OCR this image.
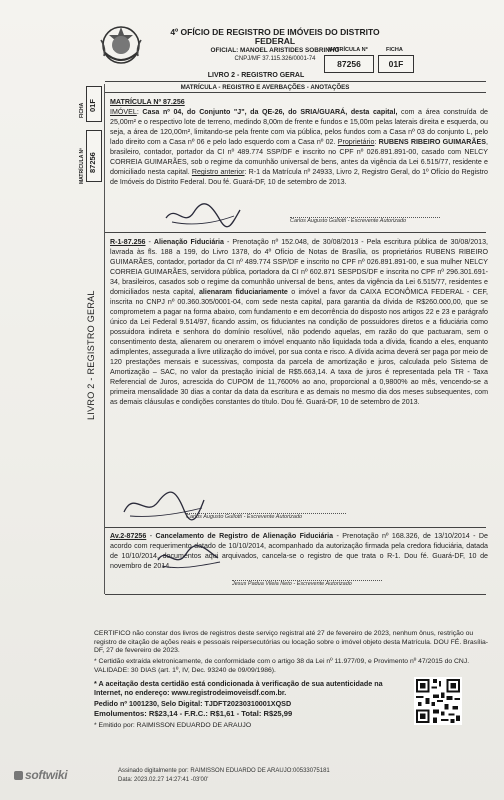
4º OFÍCIO DE REGISTRO DE IMÓVEIS DO DISTRITO FEDERAL
OFICIAL: MANOEL ARISTIDES SOBRINHO
CNPJ/MF 37.115.326/0001-74
MATRÍCULA Nº
87256
FICHA
01F
LIVRO 2 - REGISTRO GERAL
MATRÍCULA - REGISTRO E AVERBAÇÕES - ANOTAÇÕES
FICHA 01F
MATRÍCULA Nº 87256
LIVRO 2 - REGISTRO GERAL

MATRÍCULA Nº 87.256

IMÓVEL: Casa nº 04, do Conjunto "J", da QE-26, do SRIA/GUARÁ, desta capital, com a área construída de 25,00m² e o respectivo lote de terreno, medindo 8,00m de frente e fundos e 15,00m pelas laterais direita e esquerda, ou seja, a área de 120,00m², limitando-se pela frente com via pública, pelos fundos com a Casa nº 03 do conjunto L, pelo lado direito com a Casa nº 06 e pelo lado esquerdo com a Casa nº 02. Proprietário: RUBENS RIBEIRO GUIMARÃES, brasileiro, contador, portador da CI nº 489.774 SSP/DF e inscrito no CPF nº 026.891.891-00, casado com NELCY CORREIA GUIMARÃES, sob o regime da comunhão universal de bens, antes da vigência da Lei 6.515/77, residente e domiciliado nesta capital. Registro anterior: R-1 da Matrícula nº 24933, Livro 2, Registro Geral, do 1º Ofício do Registro de Imóveis do Distrito Federal. Dou fé. Guará-DF, 10 de setembro de 2013.

Carlos Augusto Gullotti - Escrevente Autorizado

R-1-87.256 - Alienação Fiduciária - Prenotação nº 152.048, de 30/08/2013 - Pela escritura pública de 30/08/2013, lavrada às fls. 188 a 199, do Livro 1378, do 4º Ofício de Notas de Brasília, os proprietários RUBENS RIBEIRO GUIMARÃES, contador, portador da CI nº 489.774 SSP/DF e inscrito no CPF nº 026.891.891-00, e sua mulher NELCY CORREIA GUIMARÃES, servidora pública, portadora da CI nº 602.871 SESPDS/DF e inscrita no CPF nº 296.301.691-34, brasileiros, casados sob o regime da comunhão universal de bens, antes da vigência da Lei 6.515/77, residentes e domiciliados nesta capital, alienaram fiduciariamente o imóvel a favor da CAIXA ECONÔMICA FEDERAL - CEF, inscrita no CNPJ nº 00.360.305/0001-04, com sede nesta capital, para garantia da dívida de R$260.000,00, que se comprometem a pagar na forma abaixo, com fundamento e em decorrência do disposto nos artigos 22 e 23 e parágrafo único da Lei Federal 9.514/97, ficando assim, os fiduciantes na condição de possuidores diretos e a fiduciária como possuidora indireta e senhora do domínio resolúvel, não podendo aquelas, em razão do que pactuaram, sem o consentimento desta, alienarem ou onerarem o imóvel enquanto não liquidada toda a dívida, ficando a eles, enquanto adimplentes, assegurada a livre utilização do imóvel, por sua conta e risco. A dívida acima deverá ser paga por meio de 120 prestações mensais e sucessivas, composta da parcela de amortização e juros, calculada pelo Sistema de Amortização – SAC, no valor da prestação inicial de R$5.663,14. A taxa de juros é representada pela TR - Taxa Referencial de Juros, acrescida do CUPOM de 11,7600% ao ano, proporcional a 0,9800% ao mês, vencendo-se a primeira mensalidade 30 dias a contar da data da escritura e as demais no mesmo dia dos meses subsequentes, com as demais cláusulas e condições constantes do título. Dou fé. Guará-DF, 10 de setembro de 2013.

Carlos Augusto Gullotti - Escrevente Autorizado

Av.2-87256 - Cancelamento de Registro de Alienação Fiduciária - Prenotação nº 168.326, de 13/10/2014 - De acordo com requerimento datado de 10/10/2014, acompanhado da autorização firmada pela credora fiduciária, datada de 10/10/2014, documentos aqui arquivados, cancela-se o registro de que trata o R-1. Dou fé. Guará-DF, 10 de novembro de 2014.

Jesus Padua Vilela Neto - Escrevente Autorizado
CERTIFICO não constar dos livros de registros deste serviço registral até 27 de fevereiro de 2023, nenhum ônus, restrição ou registro de citação de ações reais e pessoais reipersecutórias ou locação sobre o imóvel objeto desta Matrícula. DOU FÉ. Brasília-DF, 27 de fevereiro de 2023.
* Certidão extraída eletronicamente, de conformidade com o artigo 38 da Lei nº 11.977/09, e Provimento nº 47/2015 do CNJ. VALIDADE: 30 DIAS (art. 1º, IV, Dec. 93240 de 09/09/1986).
* A aceitação desta certidão está condicionada à verificação de sua autenticidade na Internet, no endereço: www.registrodeimoveisdf.com.br.
Pedido nº 1001230, Selo Digital: TJDFT20230310001XQSD
Emolumentos: R$23,14 - F.R.C.: R$1,61 - Total: R$25,99
* Emitido por: RAIMISSON EDUARDO DE ARAUJO
softwiki	Assinado digitalmente por: RAIMISSON EDUARDO DE ARAUJO:00533075181
Data: 2023.02.27 14:27:41 -03'00'
